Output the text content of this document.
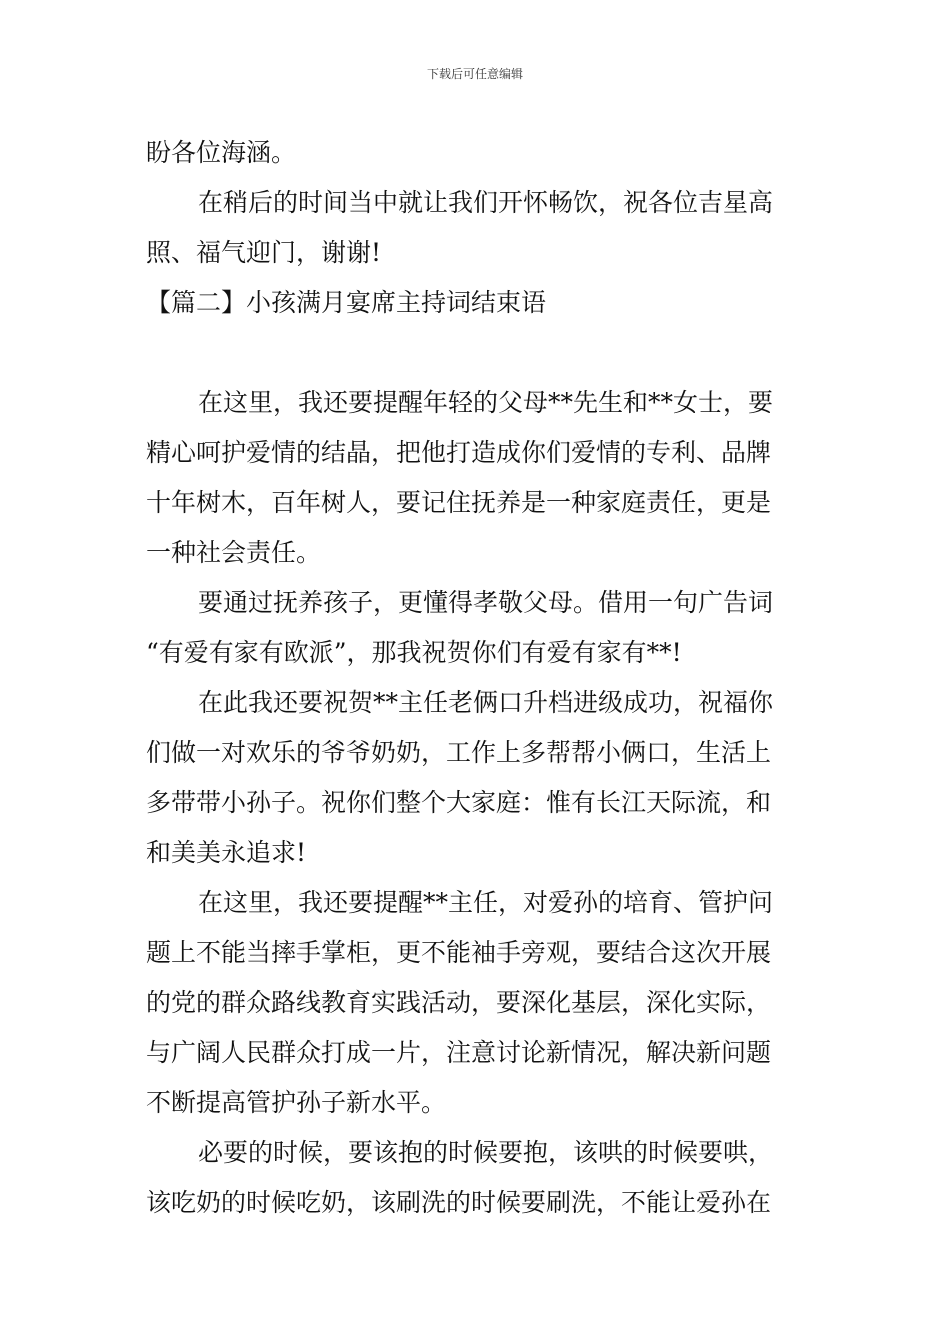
下载后可任意编辑
盼各位海涵。
在稍后的时间当中就让我们开怀畅饮，祝各位吉星高
照、福气迎门，谢谢!
【篇二】小孩满月宴席主持词结束语
在这里，我还要提醒年轻的父母**先生和**女士，要
精心呵护爱情的结晶，把他打造成你们爱情的专利、品牌
十年树木，百年树人，要记住抚养是一种家庭责任，更是
一种社会责任。
要通过抚养孩子，更懂得孝敬父母。借用一句广告词
“有爱有家有欧派”，那我祝贺你们有爱有家有**!
在此我还要祝贺**主任老俩口升档进级成功，祝福你
们做一对欢乐的爷爷奶奶，工作上多帮帮小俩口，生活上
多带带小孙子。祝你们整个大家庭：惟有长江天际流，和
和美美永追求!
在这里，我还要提醒**主任，对爱孙的培育、管护问
题上不能当摔手掌柜，更不能袖手旁观，要结合这次开展
的党的群众路线教育实践活动，要深化基层，深化实际，
与广阔人民群众打成一片，注意讨论新情况，解决新问题
不断提高管护孙子新水平。
必要的时候，要该抱的时候要抱，该哄的时候要哄，
该吃奶的时候吃奶，该刷洗的时候要刷洗，不能让爱孙在
